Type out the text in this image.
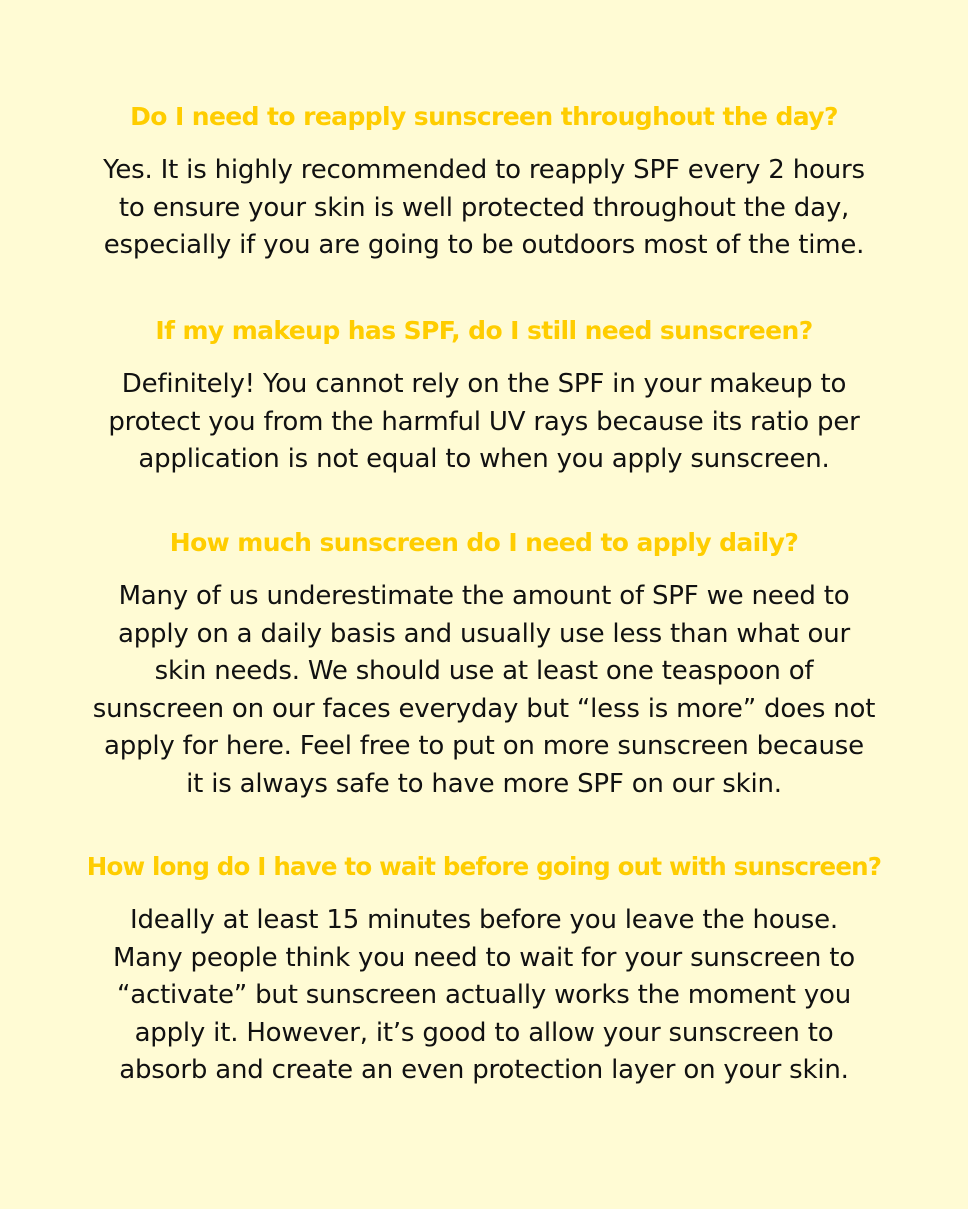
Do I need to reapply sunscreen throughout the day?

Yes. It is highly recommended to reapply SPF every 2 hours
to ensure your skin is well protected throughout the day,
especially if you are going to be outdoors most of the time.

If my makeup has SPF, do I still need sunscreen?

Definitely! You cannot rely on the SPF in your makeup to
protect you from the harmful UV rays because its ratio per
application is not equal to when you apply sunscreen.

How much sunscreen do I need to apply daily?

Many of us underestimate the amount of SPF we need to
apply on a daily basis and usually use less than what our
skin needs. We should use at least one teaspoon of
sunscreen on our faces everyday but “less is more” does not
apply for here. Feel free to put on more sunscreen because
it is always safe to have more SPF on our skin.

How long do I have to wait before going out with sunscreen?

Ideally at least 15 minutes before you leave the house.
Many people think you need to wait for your sunscreen to
“activate” but sunscreen actually works the moment you
apply it. However, it’s good to allow your sunscreen to
absorb and create an even protection layer on your skin.
